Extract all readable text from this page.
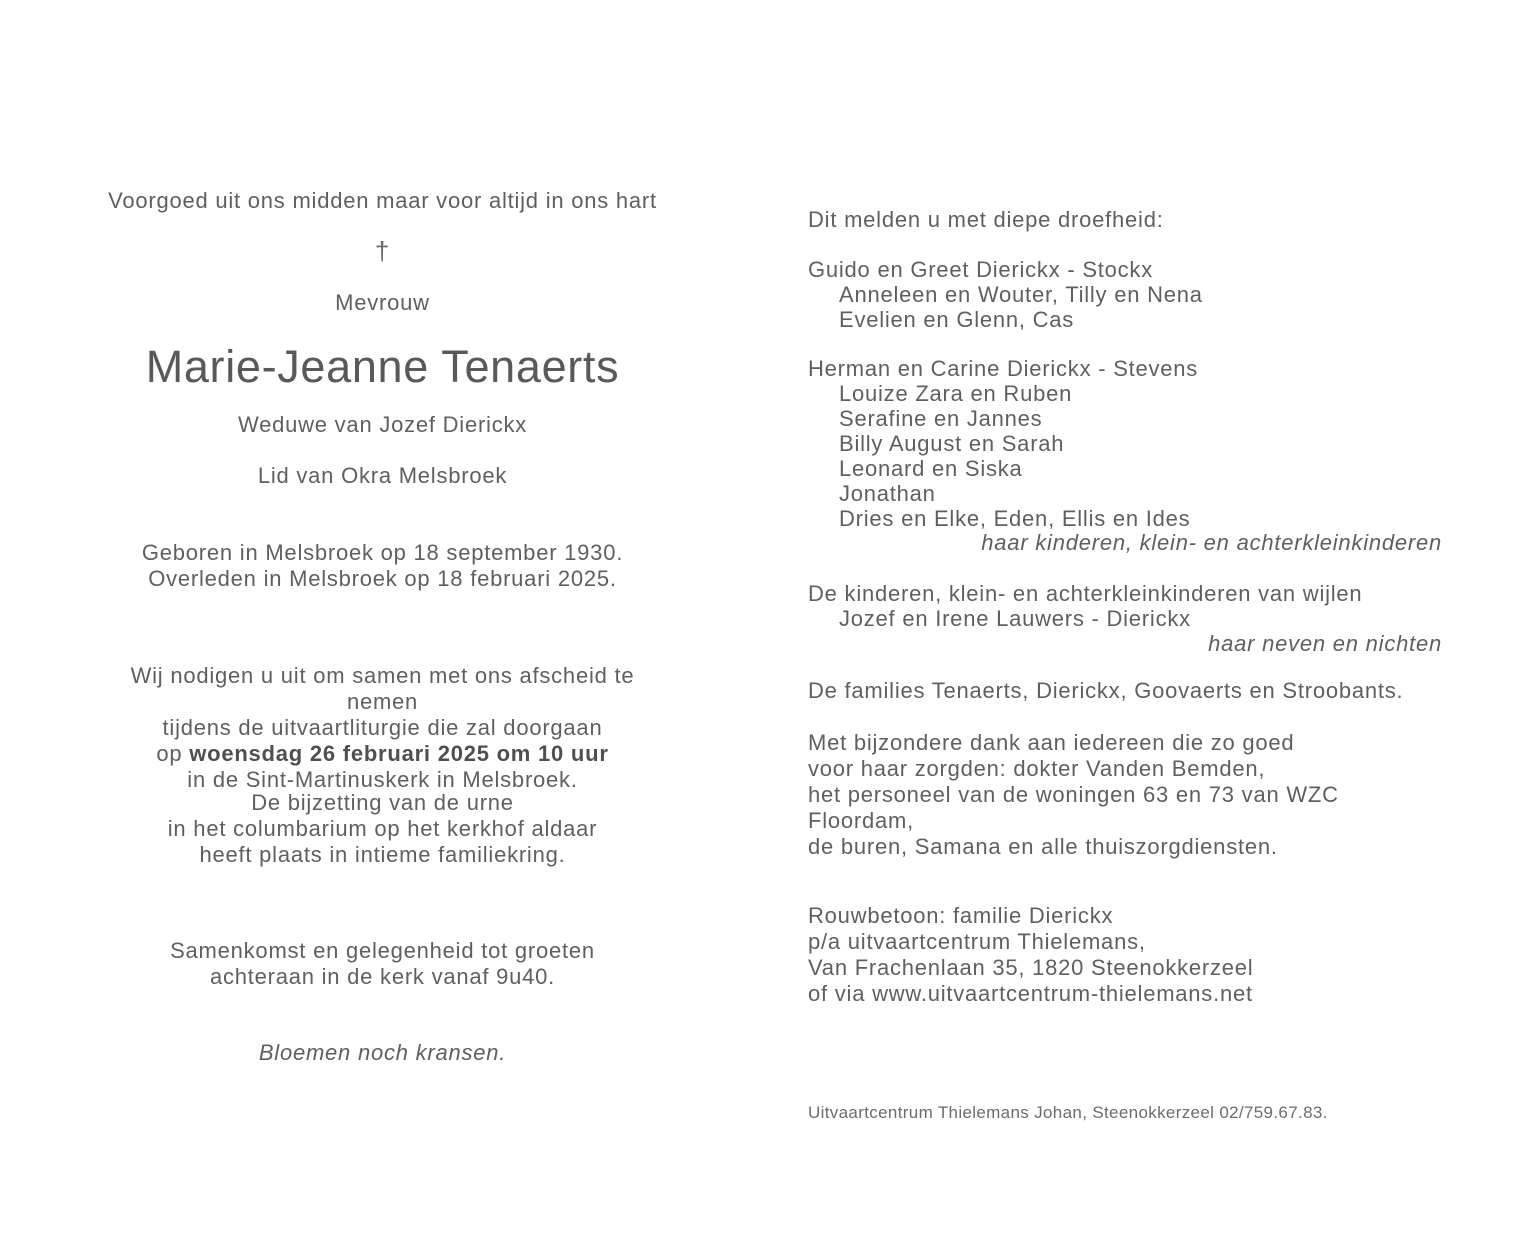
Voorgoed uit ons midden maar voor altijd in ons hart
†
Mevrouw
Marie-Jeanne Tenaerts
Weduwe van Jozef Dierickx
Lid van Okra Melsbroek
Geboren in Melsbroek op 18 september 1930.
Overleden in Melsbroek op 18 februari 2025.
Wij nodigen u uit om samen met ons afscheid te nemen
tijdens de uitvaartliturgie die zal doorgaan
op woensdag 26 februari 2025 om 10 uur
in de Sint-Martinuskerk in Melsbroek.
De bijzetting van de urne
in het columbarium op het kerkhof aldaar
heeft plaats in intieme familiekring.
Samenkomst en gelegenheid tot groeten
achteraan in de kerk vanaf 9u40.
Bloemen noch kransen.
Dit melden u met diepe droefheid:
Guido en Greet Dierickx - Stockx
Anneleen en Wouter, Tilly en Nena
Evelien en Glenn, Cas
Herman en Carine Dierickx - Stevens
Louize Zara en Ruben
Serafine en Jannes
Billy August en Sarah
Leonard en Siska
Jonathan
Dries en Elke, Eden, Ellis en Ides
haar kinderen, klein- en achterkleinkinderen
De kinderen, klein- en achterkleinkinderen van wijlen
Jozef en Irene Lauwers - Dierickx
haar neven en nichten
De families Tenaerts, Dierickx, Goovaerts en Stroobants.
Met bijzondere dank aan iedereen die zo goed
voor haar zorgden: dokter Vanden Bemden,
het personeel van de woningen 63 en 73 van WZC Floordam,
de buren, Samana en alle thuiszorgdiensten.
Rouwbetoon: familie Dierickx
p/a uitvaartcentrum Thielemans,
Van Frachenlaan 35, 1820 Steenokkerzeel
of via www.uitvaartcentrum-thielemans.net
Uitvaartcentrum Thielemans Johan, Steenokkerzeel 02/759.67.83.
